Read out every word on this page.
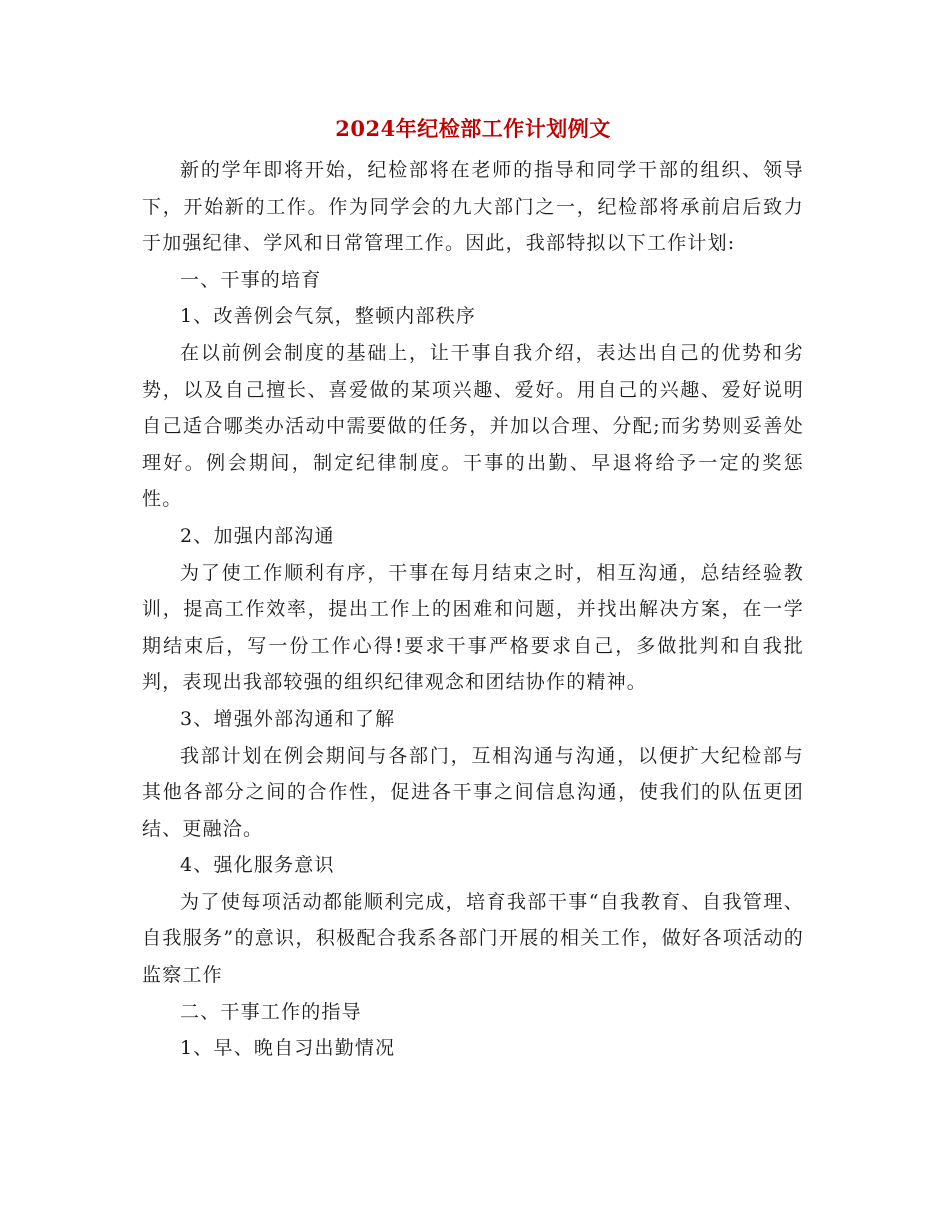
2024年纪检部工作计划例文

新的学年即将开始，纪检部将在老师的指导和同学干部的组织、领导下，开始新的工作。作为同学会的九大部门之一，纪检部将承前启后致力于加强纪律、学风和日常管理工作。因此，我部特拟以下工作计划:

一、干事的培育

1、改善例会气氛，整顿内部秩序

在以前例会制度的基础上，让干事自我介绍，表达出自己的优势和劣势，以及自己擅长、喜爱做的某项兴趣、爱好。用自己的兴趣、爱好说明自己适合哪类办活动中需要做的任务，并加以合理、分配;而劣势则妥善处理好。例会期间，制定纪律制度。干事的出勤、早退将给予一定的奖惩性。

2、加强内部沟通

为了使工作顺利有序，干事在每月结束之时，相互沟通，总结经验教训，提高工作效率，提出工作上的困难和问题，并找出解决方案，在一学期结束后，写一份工作心得!要求干事严格要求自己，多做批判和自我批判，表现出我部较强的组织纪律观念和团结协作的精神。

3、增强外部沟通和了解

我部计划在例会期间与各部门，互相沟通与沟通，以便扩大纪检部与其他各部分之间的合作性，促进各干事之间信息沟通，使我们的队伍更团结、更融洽。

4、强化服务意识

为了使每项活动都能顺利完成，培育我部干事“自我教育、自我管理、自我服务”的意识，积极配合我系各部门开展的相关工作，做好各项活动的监察工作

二、干事工作的指导

1、早、晚自习出勤情况
